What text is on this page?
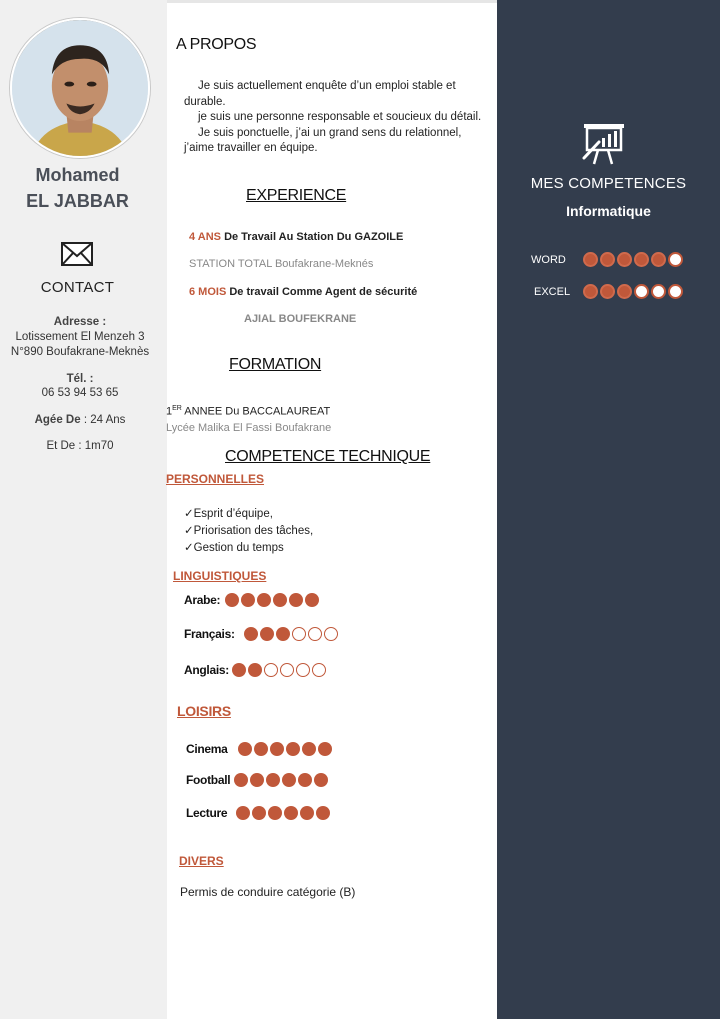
Mohamed
EL JABBAR
CONTACT
Adresse :
Lotissement El Menzeh 3
N°890 Boufakrane-Meknès
Tél. :
06 53 94 53 65
Agée De : 24 Ans
Et De : 1m70
A PROPOS

Je suis actuellement enquête d’un emploi stable et durable.

je suis une personne responsable et soucieux du détail.

Je suis ponctuelle, j’ai un grand sens du relationnel, j’aime travailler en équipe.

EXPERIENCE
4 ANS De Travail Au Station Du GAZOILE
STATION TOTAL Boufakrane-Meknés
6 MOIS De travail Comme Agent de sécurité
AJIAL BOUFEKRANE
FORMATION
1ER ANNEE Du BACCALAUREAT
Lycée Malika El Fassi Boufakrane
COMPETENCE TECHNIQUE
PERSONNELLES
✓Esprit d’équipe,
✓Priorisation des tâches,
✓Gestion du temps
LINGUISTIQUES
Arabe:
Français:
Anglais:
LOISIRS
Cinema
Football
Lecture
DIVERS
Permis de conduire catégorie (B)
MES COMPETENCES
Informatique
WORD
EXCEL
